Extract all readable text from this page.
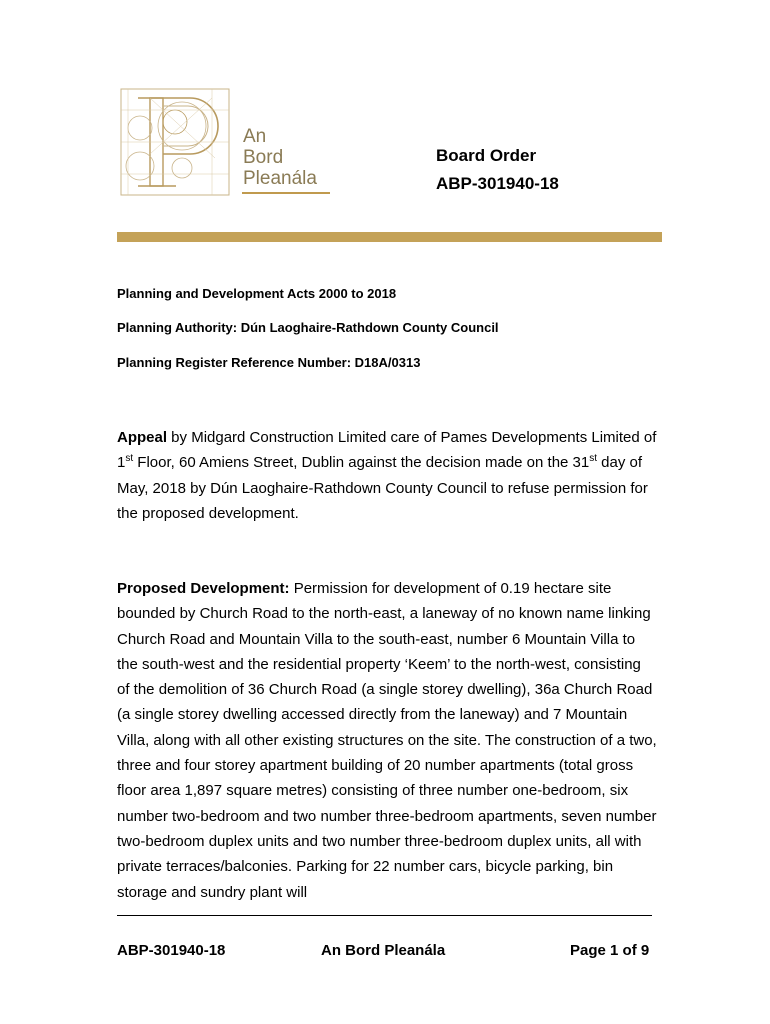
An
Bord
Pleanála
Board Order
ABP-301940-18
Planning and Development Acts 2000 to 2018
Planning Authority: Dún Laoghaire-Rathdown County Council
Planning Register Reference Number: D18A/0313
Appeal by Midgard Construction Limited care of Pames Developments Limited of 1st Floor, 60 Amiens Street, Dublin against the decision made on the 31st day of May, 2018 by Dún Laoghaire-Rathdown County Council to refuse permission for the proposed development.
Proposed Development: Permission for development of 0.19 hectare site bounded by Church Road to the north-east, a laneway of no known name linking Church Road and Mountain Villa to the south-east, number 6 Mountain Villa to the south-west and the residential property ‘Keem’ to the north-west, consisting of the demolition of 36 Church Road (a single storey dwelling), 36a Church Road (a single storey dwelling accessed directly from the laneway) and 7 Mountain Villa, along with all other existing structures on the site. The construction of a two, three and four storey apartment building of 20 number apartments (total gross floor area 1,897 square metres) consisting of three number one-bedroom, six number two-bedroom and two number three-bedroom apartments, seven number two-bedroom duplex units and two number three-bedroom duplex units, all with private terraces/balconies. Parking for 22 number cars, bicycle parking, bin storage and sundry plant will
ABP-301940-18	An Bord Pleanála	Page 1 of 9
